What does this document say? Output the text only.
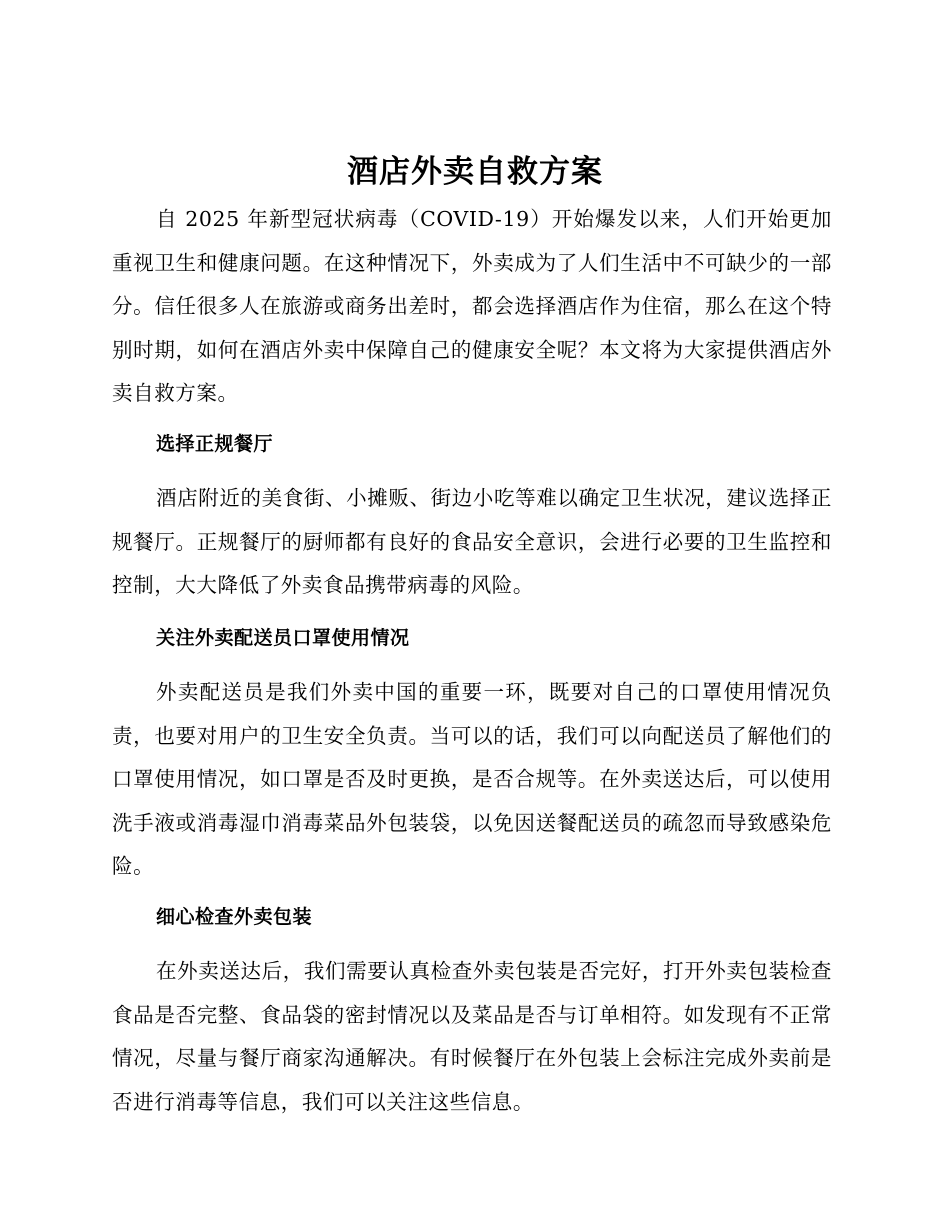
酒店外卖自救方案

自 2025 年新型冠状病毒（COVID-19）开始爆发以来，人们开始更加重视卫生和健康问题。在这种情况下，外卖成为了人们生活中不可缺少的一部分。信任很多人在旅游或商务出差时，都会选择酒店作为住宿，那么在这个特别时期，如何在酒店外卖中保障自己的健康安全呢？本文将为大家提供酒店外卖自救方案。

选择正规餐厅

酒店附近的美食街、小摊贩、街边小吃等难以确定卫生状况，建议选择正规餐厅。正规餐厅的厨师都有良好的食品安全意识，会进行必要的卫生监控和控制，大大降低了外卖食品携带病毒的风险。

关注外卖配送员口罩使用情况

外卖配送员是我们外卖中国的重要一环，既要对自己的口罩使用情况负责，也要对用户的卫生安全负责。当可以的话，我们可以向配送员了解他们的口罩使用情况，如口罩是否及时更换，是否合规等。在外卖送达后，可以使用洗手液或消毒湿巾消毒菜品外包装袋，以免因送餐配送员的疏忽而导致感染危险。

细心检查外卖包装

在外卖送达后，我们需要认真检查外卖包装是否完好，打开外卖包装检查食品是否完整、食品袋的密封情况以及菜品是否与订单相符。如发现有不正常情况，尽量与餐厅商家沟通解决。有时候餐厅在外包装上会标注完成外卖前是否进行消毒等信息，我们可以关注这些信息。
